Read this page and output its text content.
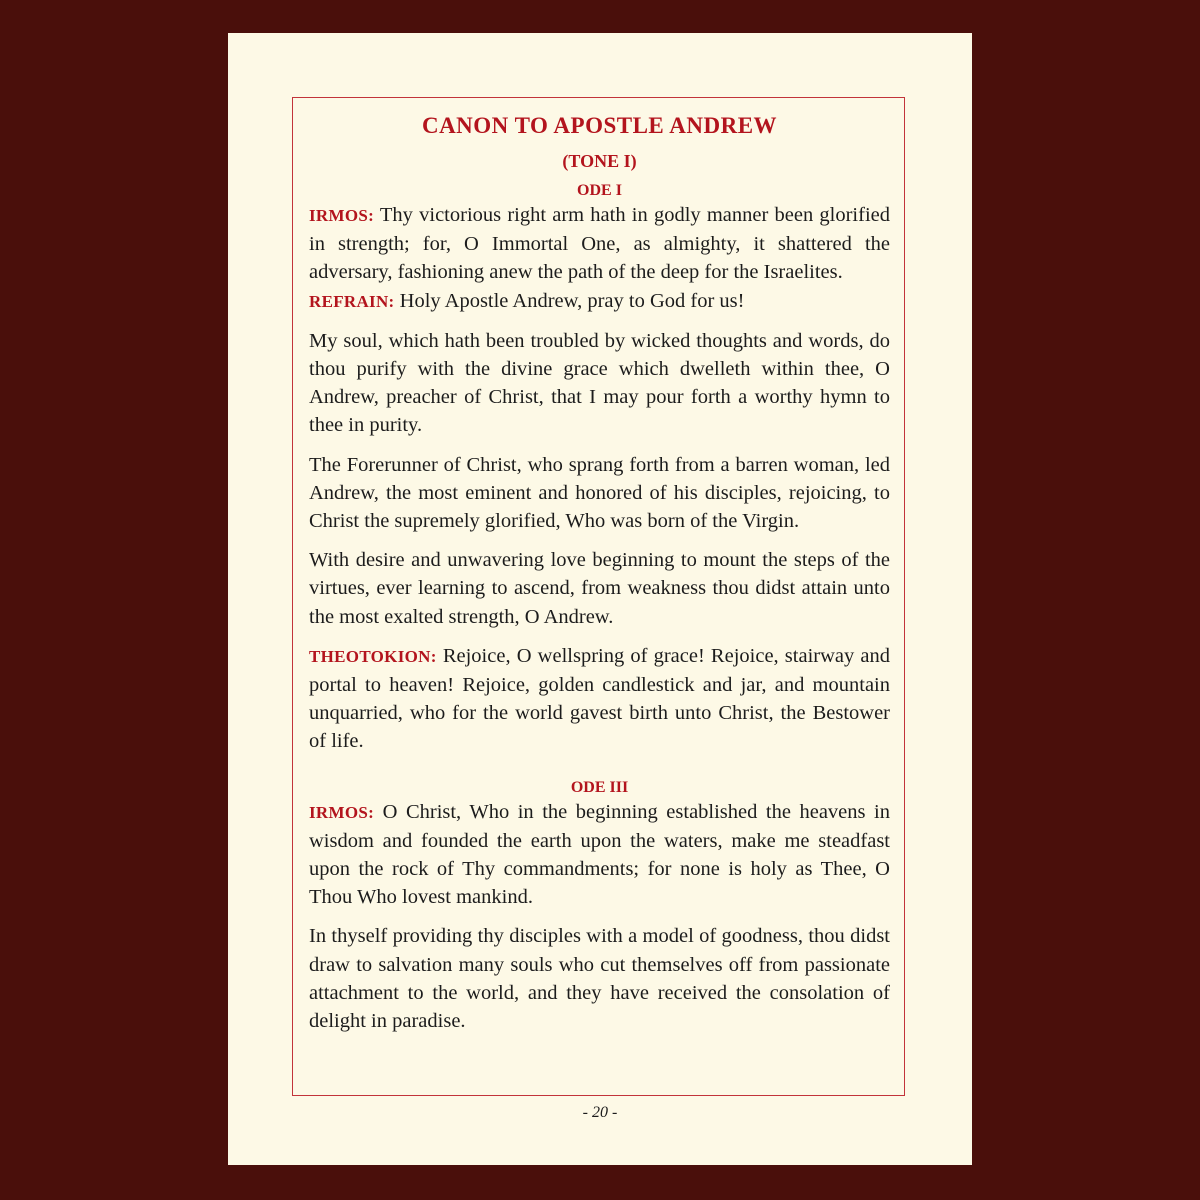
CANON TO APOSTLE ANDREW
(TONE I)
ODE I

IRMOS: Thy victorious right arm hath in godly manner been glorified in strength; for, O Immortal One, as almighty, it shattered the adversary, fashioning anew the path of the deep for the Israelites.

REFRAIN: Holy Apostle Andrew, pray to God for us!

My soul, which hath been troubled by wicked thoughts and words, do thou purify with the divine grace which dwelleth within thee, O Andrew, preacher of Christ, that I may pour forth a worthy hymn to thee in purity.

The Forerunner of Christ, who sprang forth from a barren woman, led Andrew, the most eminent and honored of his disciples, rejoicing, to Christ the supremely glorified, Who was born of the Virgin.

With desire and unwavering love beginning to mount the steps of the virtues, ever learning to ascend, from weakness thou didst attain unto the most exalted strength, O Andrew.

THEOTOKION: Rejoice, O wellspring of grace! Rejoice, stairway and portal to heaven! Rejoice, golden candlestick and jar, and mountain unquarried, who for the world gavest birth unto Christ, the Bestower of life.

ODE III

IRMOS: O Christ, Who in the beginning established the heavens in wisdom and founded the earth upon the waters, make me steadfast upon the rock of Thy commandments; for none is holy as Thee, O Thou Who lovest mankind.

In thyself providing thy disciples with a model of goodness, thou didst draw to salvation many souls who cut themselves off from passionate attachment to the world, and they have received the consolation of delight in paradise.

- 20 -
